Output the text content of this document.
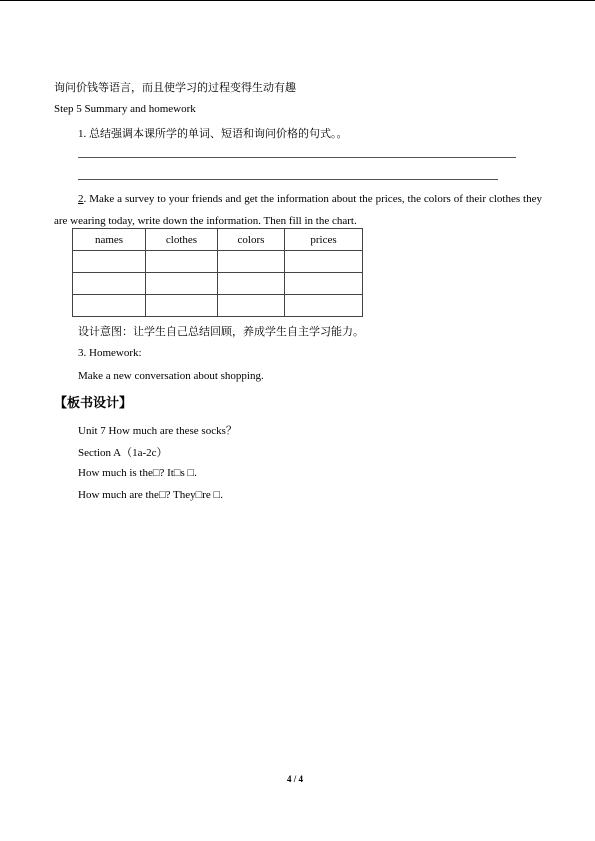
询问价钱等语言，而且使学习的过程变得生动有趣
Step 5 Summary and homework
1. 总结强调本课所学的单词、短语和询问价格的句式。。
2. Make a survey to your friends and get the information about the prices, the colors of their clothes they are wearing today, write down the information. Then fill in the chart.
names	clothes	colors	prices

设计意图：让学生自己总结回顾，养成学生自主学习能力。
3. Homework:
Make a new conversation about shopping.
【板书设计】
Unit 7 How much are these socks？
Section A（1a-2c）
How much is the□? It□s □.
How much are the□? They□re □.
4 / 4
